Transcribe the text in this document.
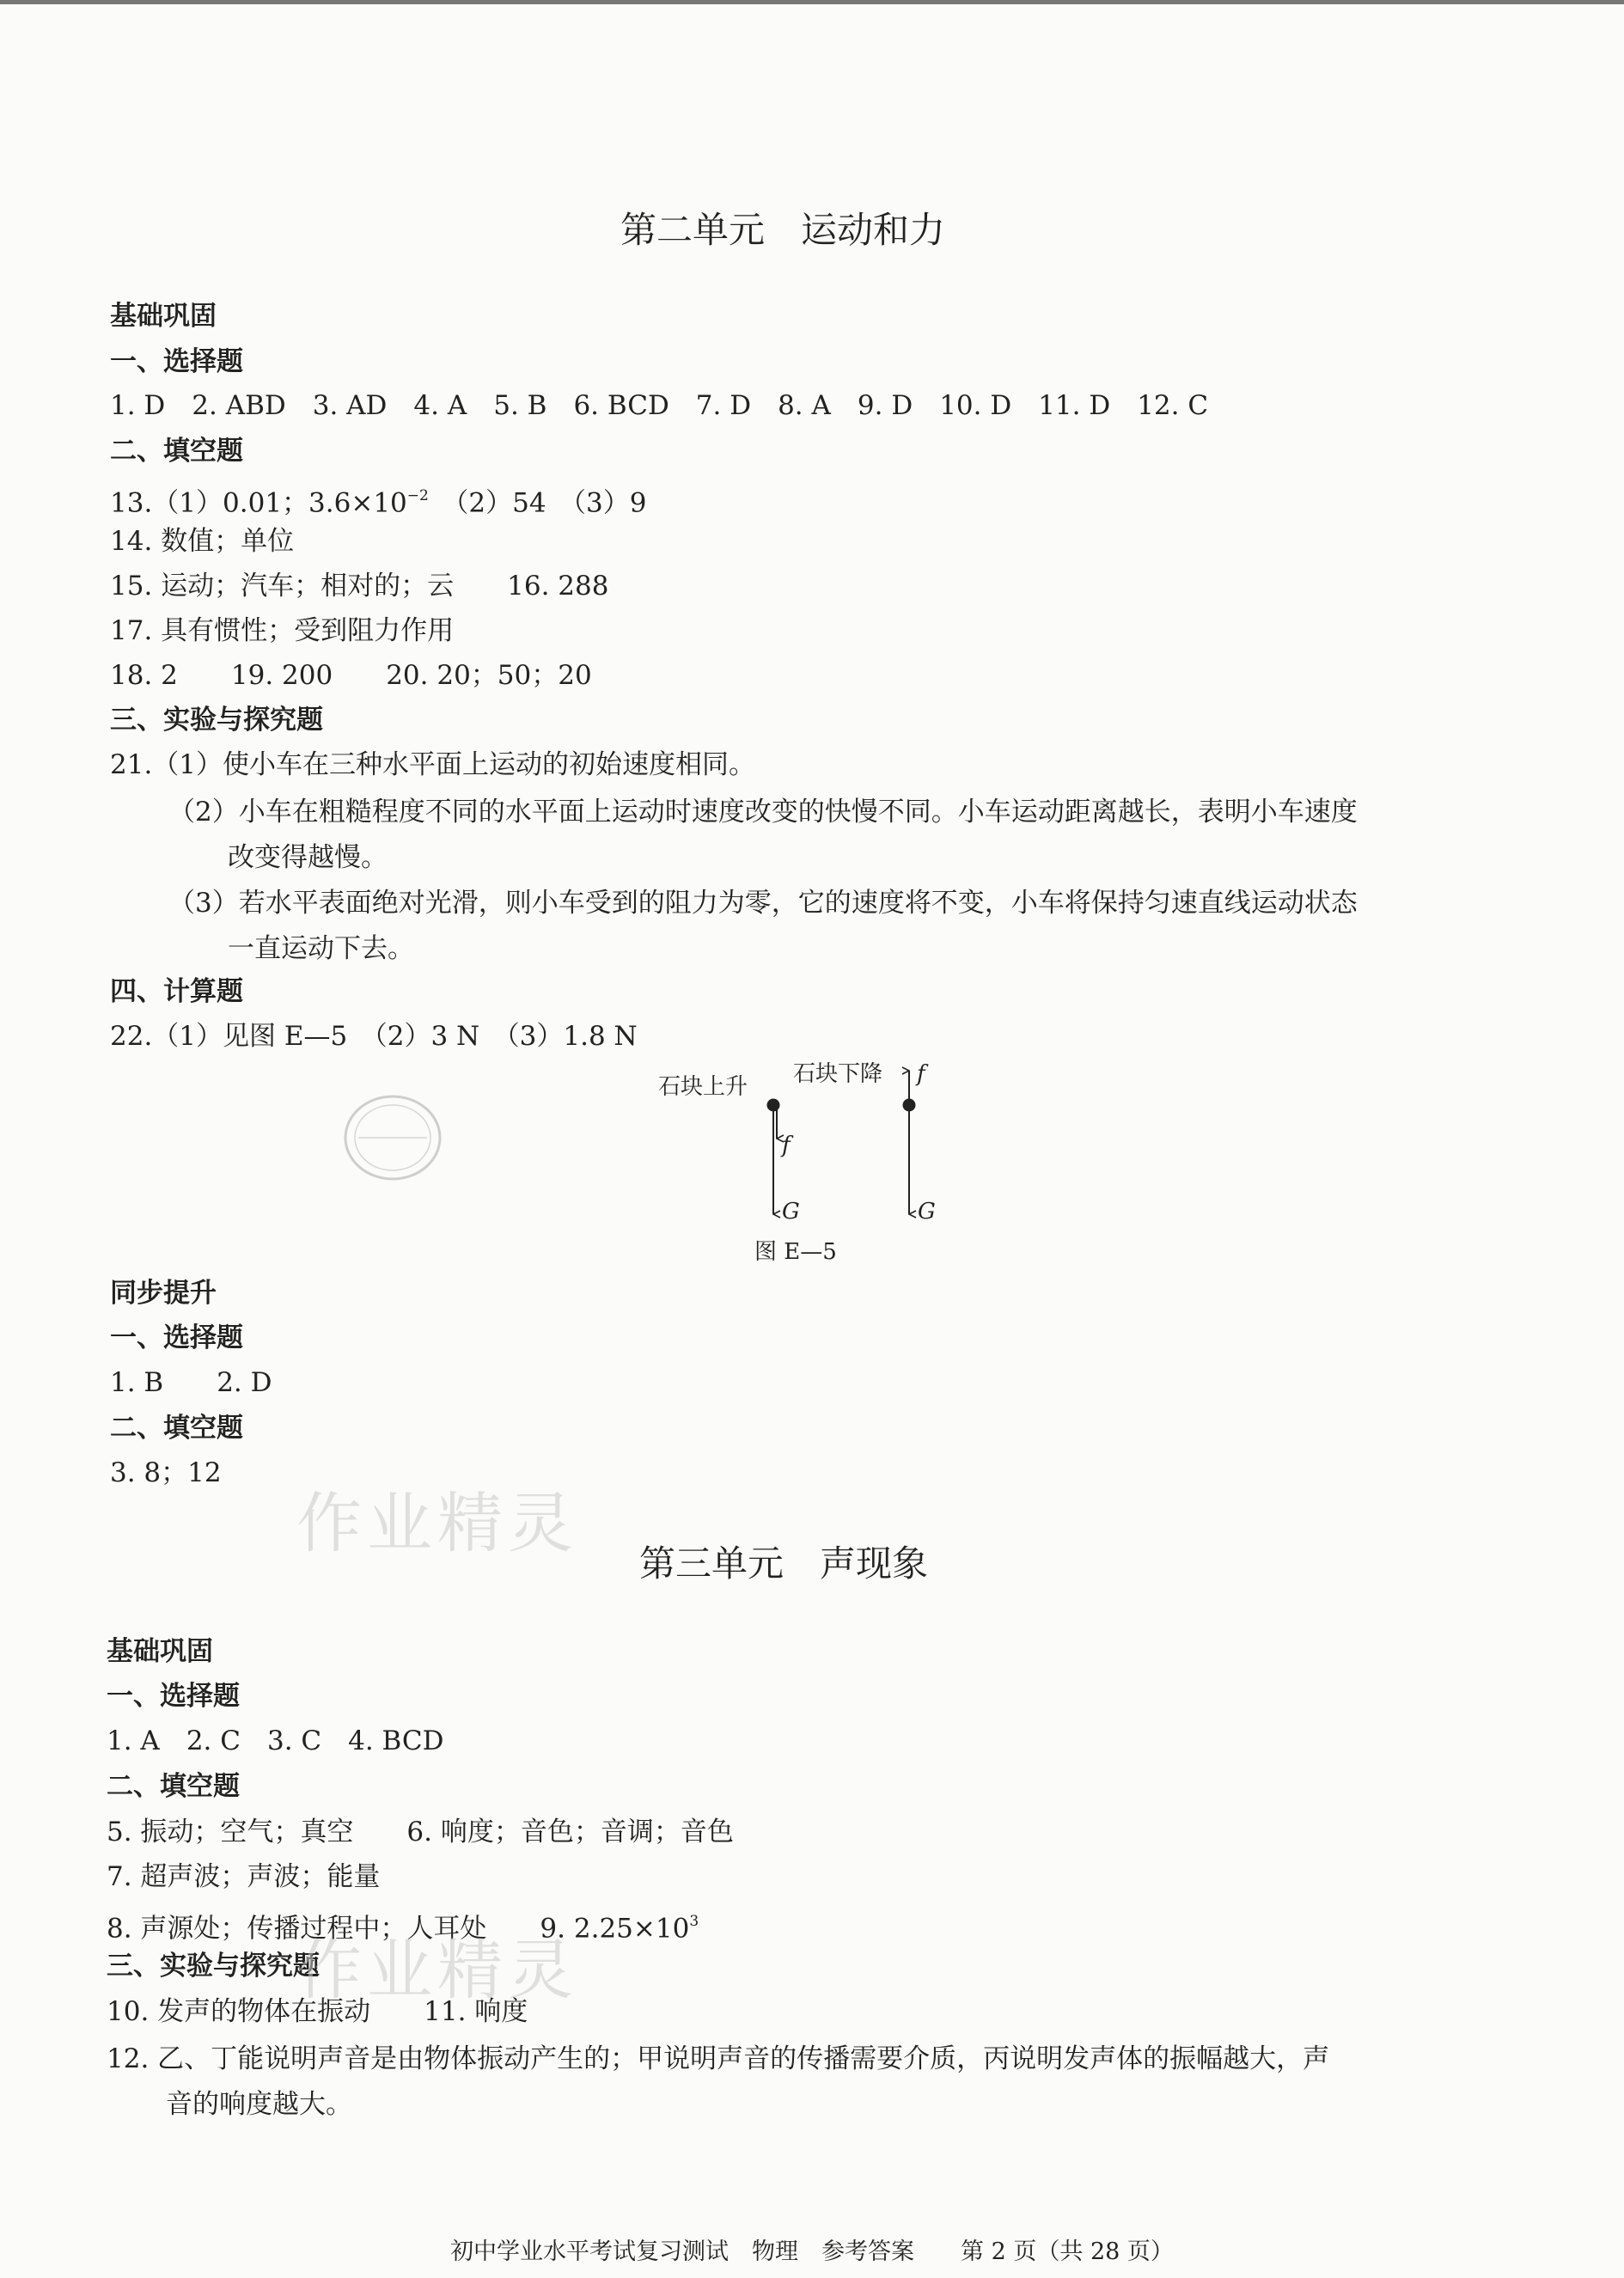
第二单元　运动和力
基础巩固
一、选择题
1. D　2. ABD　3. AD　4. A　5. B　6. BCD　7. D　8. A　9. D　10. D　11. D　12. C
二、填空题
13.（1）0.01；$3.6\times 10^{-2}$　（2）54　（3）9
14. 数值；单位
15. 运动；汽车；相对的；云　　16. 288
17. 具有惯性；受到阻力作用
18. 2　　19. 200　　20. 20；50；20
三、实验与探究题
21.（1）使小车在三种水平面上运动的初始速度相同。
（2）小车在粗糙程度不同的水平面上运动时速度改变的快慢不同。小车运动距离越长，表明小车速度
改变得越慢。
（3）若水平表面绝对光滑，则小车受到的阻力为零，它的速度将不变，小车将保持匀速直线运动状态
一直运动下去。
四、计算题
22.（1）见图 E—5　（2）3 N　（3）1.8 N
石块上升 石块下降
f
G
f
G
图 E—5
同步提升
一、选择题
1. B　　2. D
二、填空题
3. 8；12
作业精灵
第三单元　声现象
基础巩固
一、选择题
1. A　2. C　3. C　4. BCD
二、填空题
5. 振动；空气；真空　　6. 响度；音色；音调；音色
7. 超声波；声波；能量
8. 声源处；传播过程中；人耳处　　9. $2.25\times 10^3$
三、实验与探究题
10. 发声的物体在振动　　11. 响度
12. 乙、丁能说明声音是由物体振动产生的；甲说明声音的传播需要介质，丙说明发声体的振幅越大，声
音的响度越大。
作业精灵
初中学业水平考试复习测试　物理　参考答案　　第 2 页（共 28 页）
